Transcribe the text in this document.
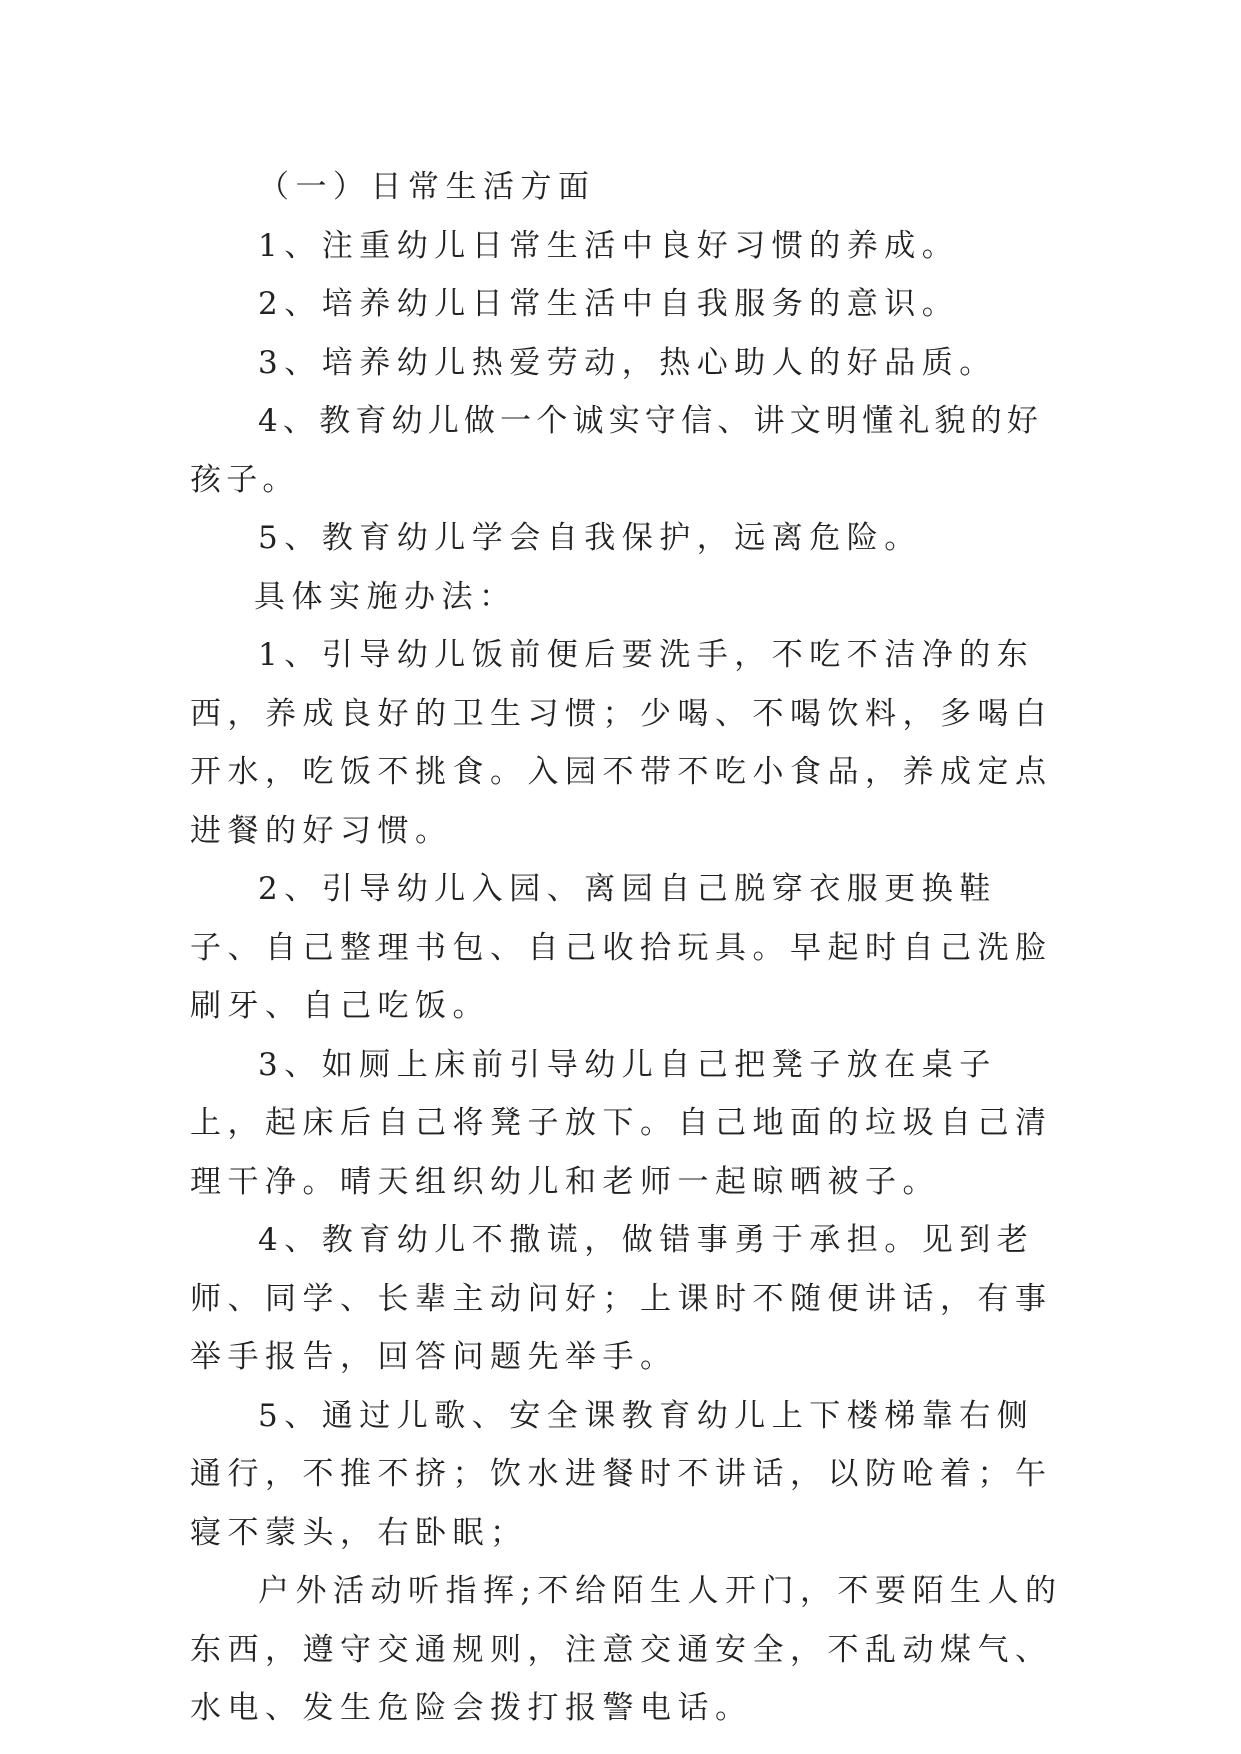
（一）日常生活方面

1、注重幼儿日常生活中良好习惯的养成。

2、培养幼儿日常生活中自我服务的意识。

3、培养幼儿热爱劳动，热心助人的好品质。

4、教育幼儿做一个诚实守信、讲文明懂礼貌的好孩子。

5、教育幼儿学会自我保护，远离危险。

具体实施办法：

1、引导幼儿饭前便后要洗手，不吃不洁净的东西，养成良好的卫生习惯；少喝、不喝饮料，多喝白开水，吃饭不挑食。入园不带不吃小食品，养成定点进餐的好习惯。

2、引导幼儿入园、离园自己脱穿衣服更换鞋子、自己整理书包、自己收拾玩具。早起时自己洗脸刷牙、自己吃饭。

3、如厕上床前引导幼儿自己把凳子放在桌子上，起床后自己将凳子放下。自己地面的垃圾自己清理干净。晴天组织幼儿和老师一起晾晒被子。

4、教育幼儿不撒谎，做错事勇于承担。见到老师、同学、长辈主动问好；上课时不随便讲话，有事举手报告，回答问题先举手。

5、通过儿歌、安全课教育幼儿上下楼梯靠右侧通行，不推不挤；饮水进餐时不讲话，以防呛着；午寝不蒙头，右卧眠；

户外活动听指挥;不给陌生人开门，不要陌生人的东西，遵守交通规则，注意交通安全，不乱动煤气、水电、发生危险会拨打报警电话。
